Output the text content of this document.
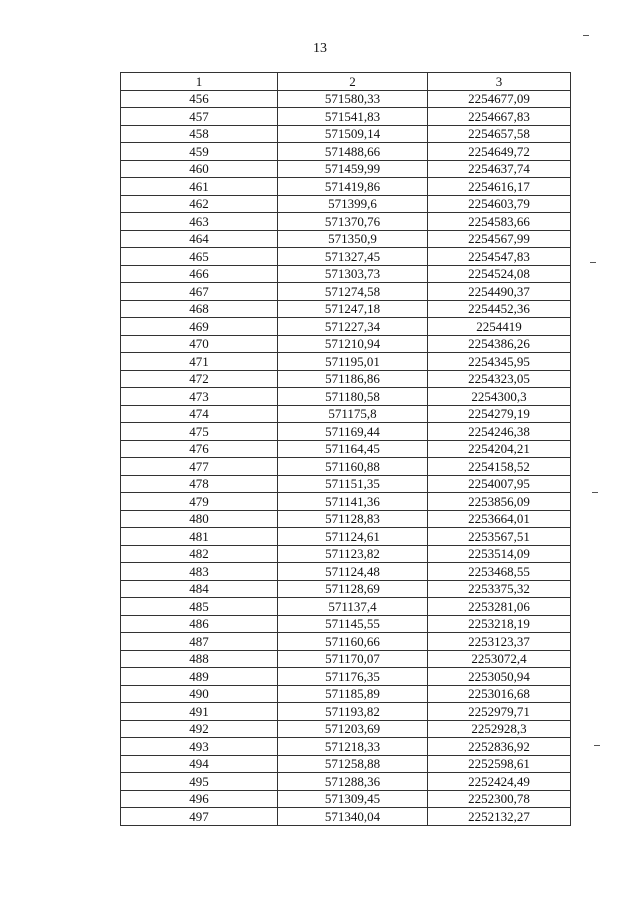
13
1	2	3
456	571580,33	2254677,09
457	571541,83	2254667,83
458	571509,14	2254657,58
459	571488,66	2254649,72
460	571459,99	2254637,74
461	571419,86	2254616,17
462	571399,6	2254603,79
463	571370,76	2254583,66
464	571350,9	2254567,99
465	571327,45	2254547,83
466	571303,73	2254524,08
467	571274,58	2254490,37
468	571247,18	2254452,36
469	571227,34	2254419
470	571210,94	2254386,26
471	571195,01	2254345,95
472	571186,86	2254323,05
473	571180,58	2254300,3
474	571175,8	2254279,19
475	571169,44	2254246,38
476	571164,45	2254204,21
477	571160,88	2254158,52
478	571151,35	2254007,95
479	571141,36	2253856,09
480	571128,83	2253664,01
481	571124,61	2253567,51
482	571123,82	2253514,09
483	571124,48	2253468,55
484	571128,69	2253375,32
485	571137,4	2253281,06
486	571145,55	2253218,19
487	571160,66	2253123,37
488	571170,07	2253072,4
489	571176,35	2253050,94
490	571185,89	2253016,68
491	571193,82	2252979,71
492	571203,69	2252928,3
493	571218,33	2252836,92
494	571258,88	2252598,61
495	571288,36	2252424,49
496	571309,45	2252300,78
497	571340,04	2252132,27
